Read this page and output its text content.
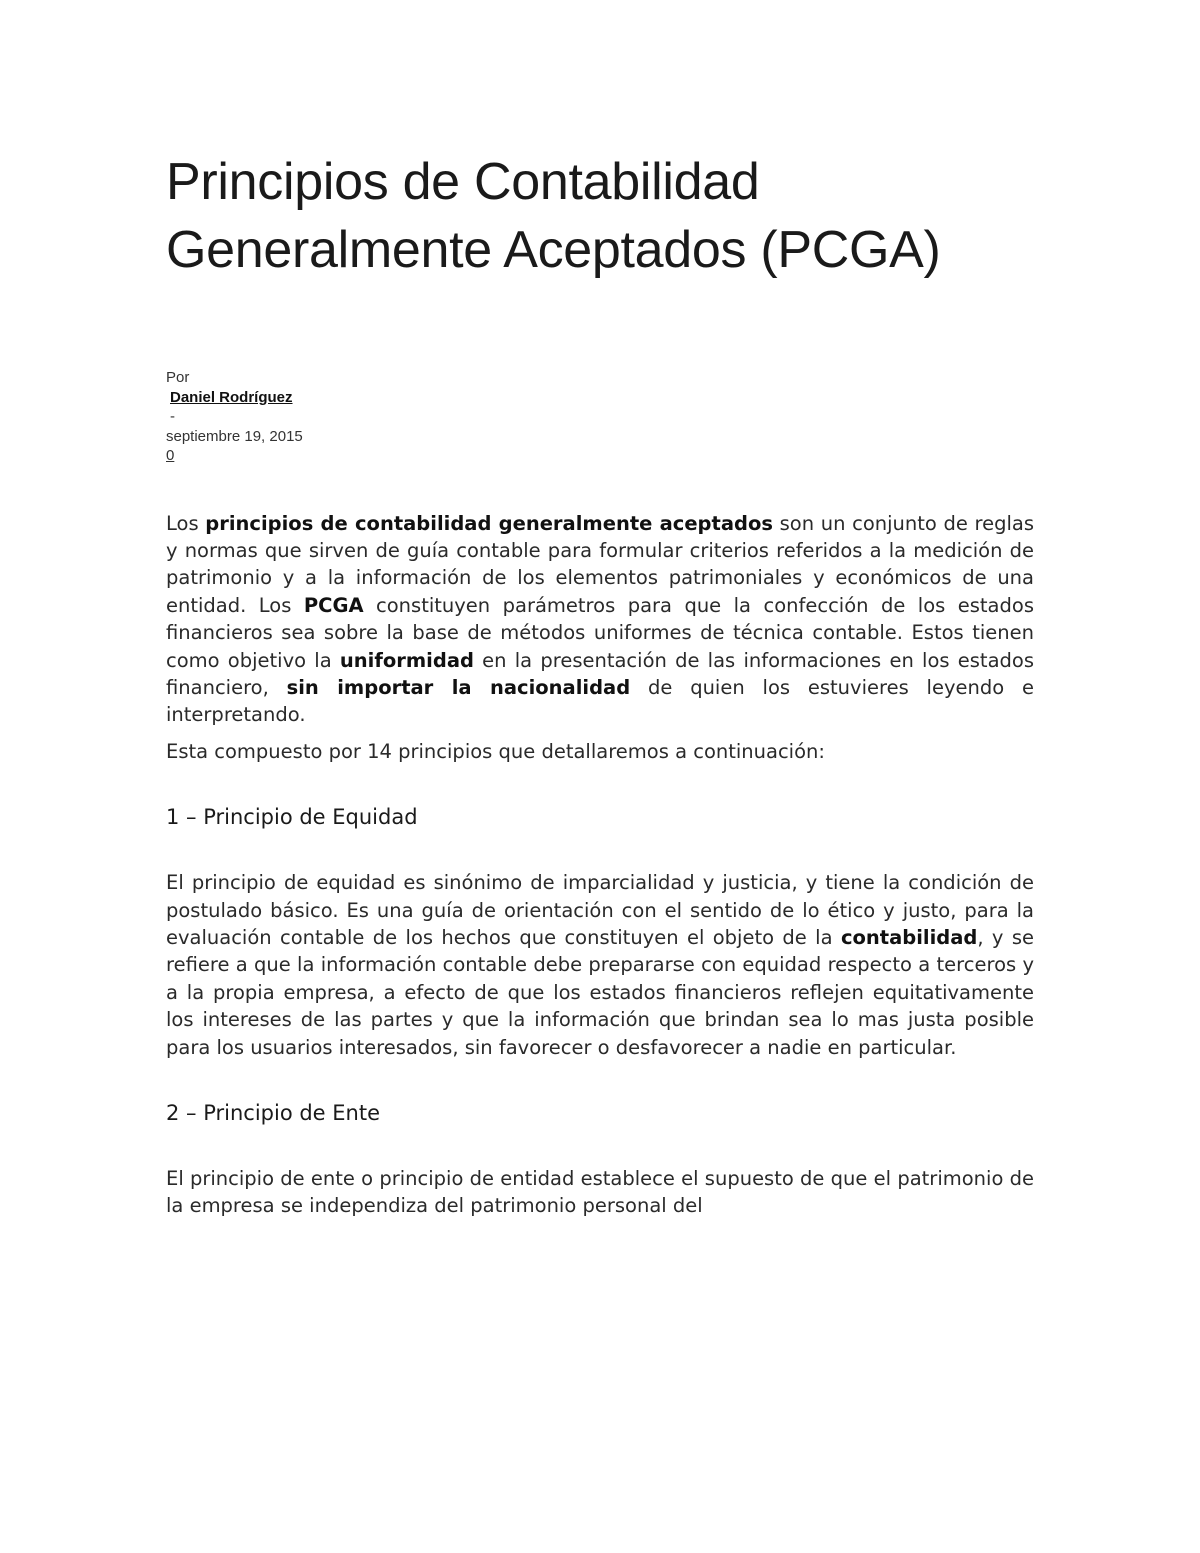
Principios de Contabilidad Generalmente Aceptados (PCGA)
Por
Daniel Rodríguez
-
septiembre 19, 2015
0

Los principios de contabilidad generalmente aceptados son un conjunto de reglas y normas que sirven de guía contable para formular criterios referidos a la medición de patrimonio y a la información de los elementos patrimoniales y económicos de una entidad. Los PCGA constituyen parámetros para que la confección de los estados financieros sea sobre la base de métodos uniformes de técnica contable. Estos tienen como objetivo la uniformidad en la presentación de las informaciones en los estados financiero, sin importar la nacionalidad de quien los estuvieres leyendo e interpretando.

Esta compuesto por 14 principios que detallaremos a continuación:

1 – Principio de Equidad

El principio de equidad es sinónimo de imparcialidad y justicia, y tiene la condición de postulado básico. Es una guía de orientación con el sentido de lo ético y justo, para la evaluación contable de los hechos que constituyen el objeto de la contabilidad, y se refiere a que la información contable debe prepararse con equidad respecto a terceros y a la propia empresa, a efecto de que los estados financieros reflejen equitativamente los intereses de las partes y que la información que brindan sea lo mas justa posible para los usuarios interesados, sin favorecer o desfavorecer a nadie en particular.

2 – Principio de Ente

El principio de ente o principio de entidad establece el supuesto de que el patrimonio de la empresa se independiza del patrimonio personal del
